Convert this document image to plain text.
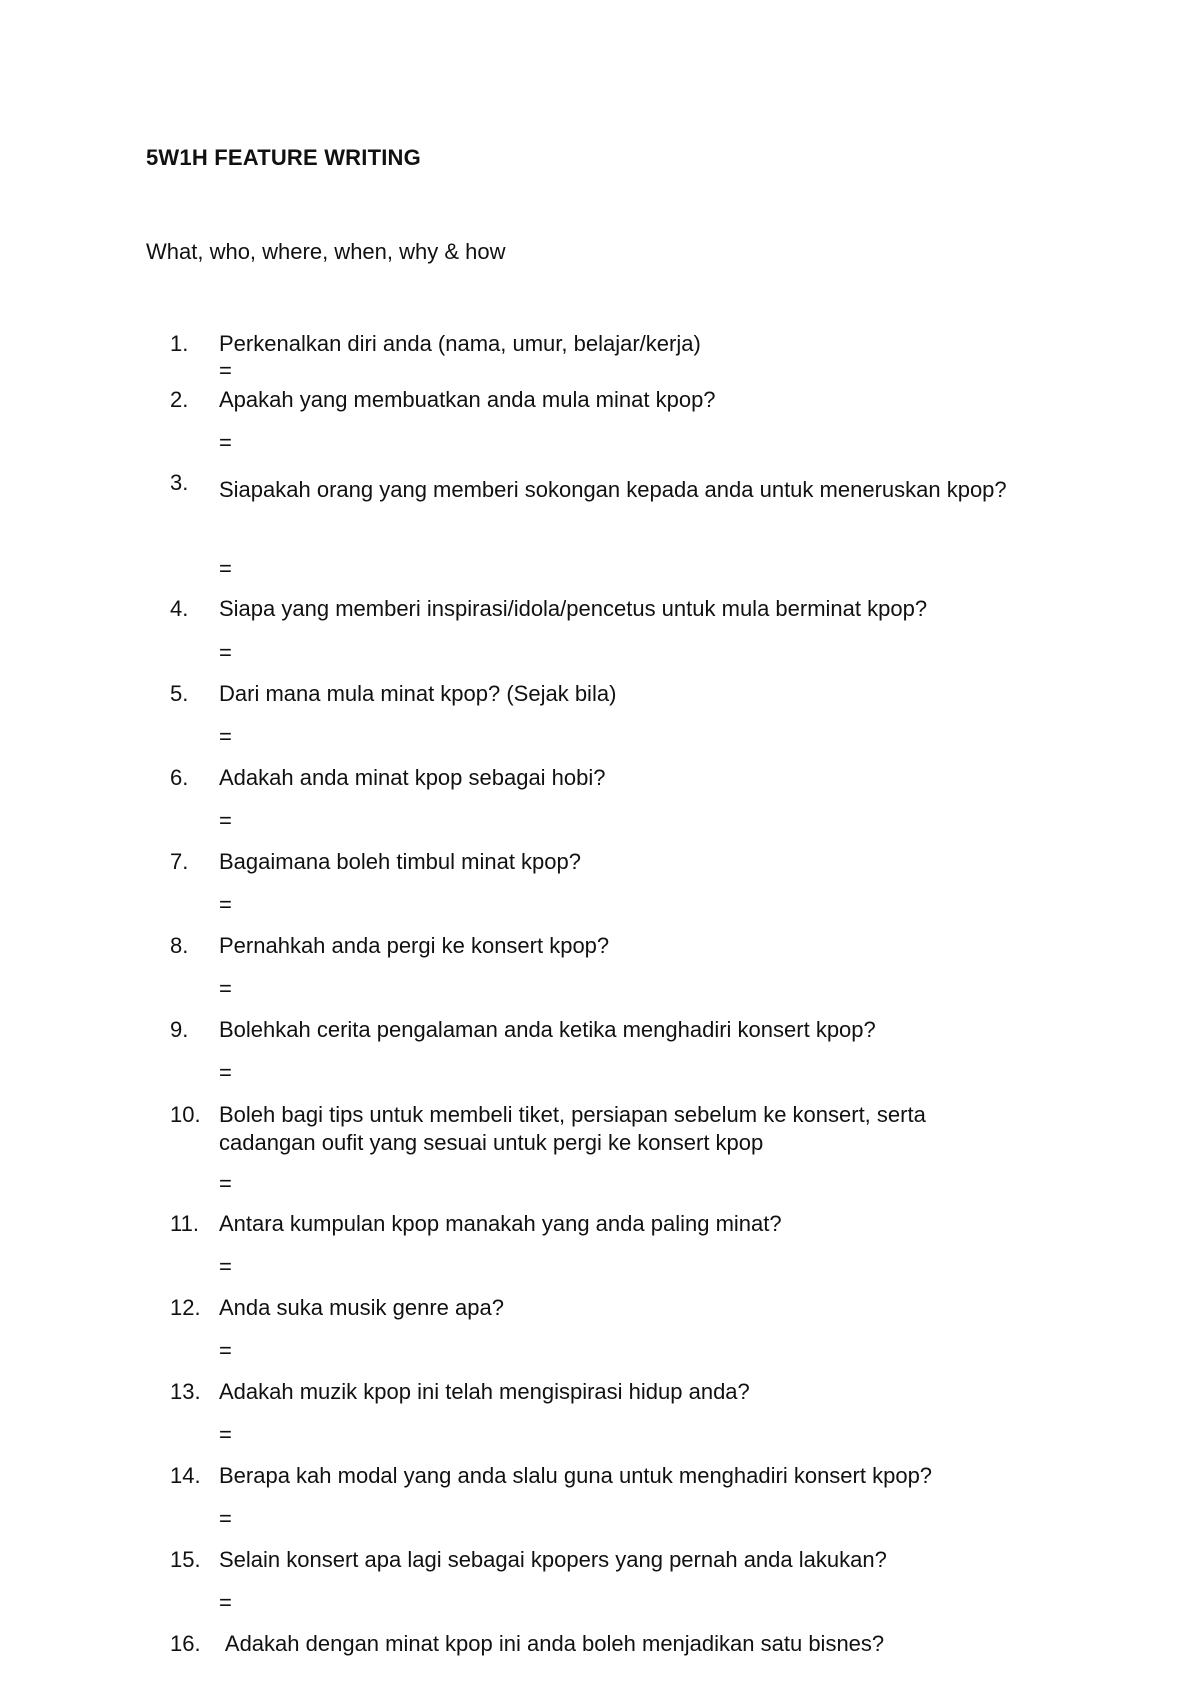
5W1H FEATURE WRITING
What, who, where, when, why & how
1.	Perkenalkan diri anda (nama, umur, belajar/kerja)
=
2.	Apakah yang membuatkan anda mula minat kpop?
=
3.	Siapakah orang yang memberi sokongan kepada anda untuk meneruskan kpop?
=
4.	Siapa yang memberi inspirasi/idola/pencetus untuk mula berminat kpop?
=
5.	Dari mana mula minat kpop? (Sejak bila)
=
6.	Adakah anda minat kpop sebagai hobi?
=
7.	Bagaimana boleh timbul minat kpop?
=
8.	Pernahkah anda pergi ke konsert kpop?
=
9.	Bolehkah cerita pengalaman anda ketika menghadiri konsert kpop?
=
10. Boleh bagi tips untuk membeli tiket, persiapan sebelum ke konsert, serta cadangan oufit yang sesuai untuk pergi ke konsert kpop
=
11. Antara kumpulan kpop manakah yang anda paling minat?
=
12. Anda suka musik genre apa?
=
13. Adakah muzik kpop ini telah mengispirasi hidup anda?
=
14. Berapa kah modal yang anda slalu guna untuk menghadiri konsert kpop?
=
15. Selain konsert apa lagi sebagai kpopers yang pernah anda lakukan?
=
16. Adakah dengan minat kpop ini anda boleh menjadikan satu bisnes?
